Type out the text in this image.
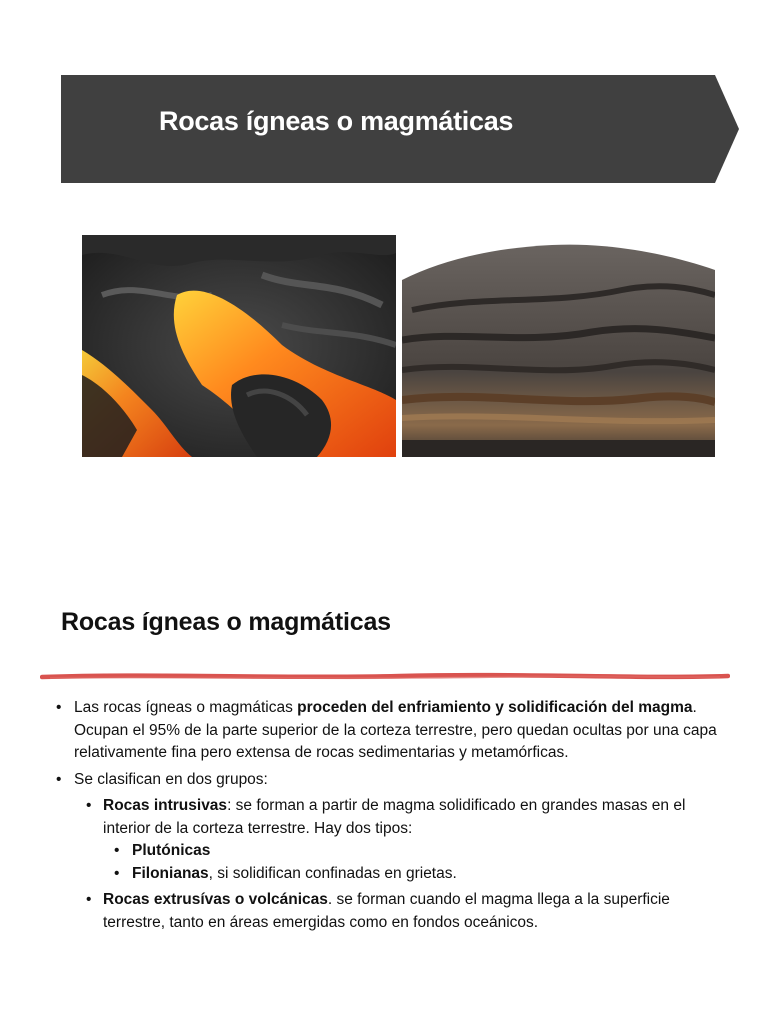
Rocas ígneas o magmáticas
Rocas ígneas o magmáticas
• Las rocas ígneas o magmáticas proceden del enfriamiento y solidificación del magma. Ocupan el 95% de la parte superior de la corteza terrestre, pero quedan ocultas por una capa relativamente fina pero extensa de rocas sedimentarias y metamórficas.
• Se clasifican en dos grupos:
• Rocas intrusivas: se forman a partir de magma solidificado en grandes masas en el interior de la corteza terrestre. Hay dos tipos:
• Plutónicas
• Filonianas, si solidifican confinadas en grietas.
• Rocas extrusívas o volcánicas. se forman cuando el magma llega a la superficie terrestre, tanto en áreas emergidas como en fondos oceánicos.
